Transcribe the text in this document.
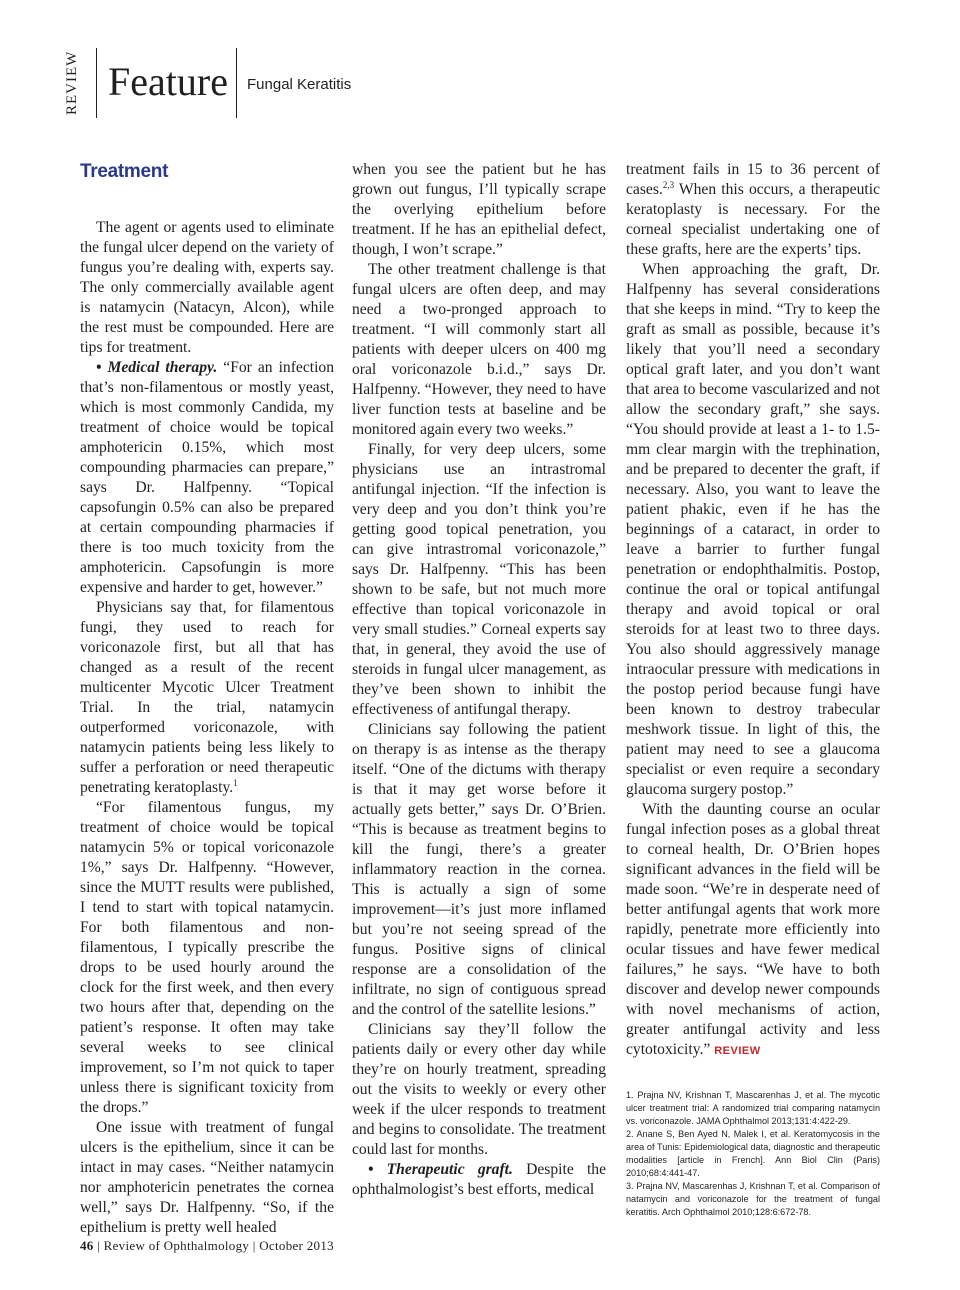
REVIEW Feature Fungal Keratitis
Treatment

The agent or agents used to eliminate the fungal ulcer depend on the variety of fungus you’re dealing with, experts say. The only commercially available agent is natamycin (Natacyn, Alcon), while the rest must be compounded. Here are tips for treatment.

• Medical therapy. “For an infection that’s non-filamentous or mostly yeast, which is most commonly Candida, my treatment of choice would be topical amphotericin 0.15%, which most compounding pharmacies can prepare,” says Dr. Halfpenny. “Topical capsofungin 0.5% can also be prepared at certain compounding pharmacies if there is too much toxicity from the amphotericin. Capsofungin is more expensive and harder to get, however.”

Physicians say that, for filamentous fungi, they used to reach for voriconazole first, but all that has changed as a result of the recent multicenter Mycotic Ulcer Treatment Trial. In the trial, natamycin outperformed voriconazole, with natamycin patients being less likely to suffer a perforation or need therapeutic penetrating keratoplasty.$^1$

“For filamentous fungus, my treatment of choice would be topical natamycin 5% or topical voriconazole 1%,” says Dr. Halfpenny. “However, since the MUTT results were published, I tend to start with topical natamycin. For both filamentous and non-filamentous, I typically prescribe the drops to be used hourly around the clock for the first week, and then every two hours after that, depending on the patient’s response. It often may take several weeks to see clinical improvement, so I’m not quick to taper unless there is significant toxicity from the drops.”

One issue with treatment of fungal ulcers is the epithelium, since it can be intact in may cases. “Neither natamycin nor amphotericin penetrates the cornea well,” says Dr. Halfpenny. “So, if the epithelium is pretty well healed

when you see the patient but he has grown out fungus, I’ll typically scrape the overlying epithelium before treatment. If he has an epithelial defect, though, I won’t scrape.”

The other treatment challenge is that fungal ulcers are often deep, and may need a two-pronged approach to treatment. “I will commonly start all patients with deeper ulcers on 400 mg oral voriconazole b.i.d.,” says Dr. Halfpenny. “However, they need to have liver function tests at baseline and be monitored again every two weeks.”

Finally, for very deep ulcers, some physicians use an intrastromal antifungal injection. “If the infection is very deep and you don’t think you’re getting good topical penetration, you can give intrastromal voriconazole,” says Dr. Halfpenny. “This has been shown to be safe, but not much more effective than topical voriconazole in very small studies.” Corneal experts say that, in general, they avoid the use of steroids in fungal ulcer management, as they’ve been shown to inhibit the effectiveness of antifungal therapy.

Clinicians say following the patient on therapy is as intense as the therapy itself. “One of the dictums with therapy is that it may get worse before it actually gets better,” says Dr. O’Brien. “This is because as treatment begins to kill the fungi, there’s a greater inflammatory reaction in the cornea. This is actually a sign of some improvement—it’s just more inflamed but you’re not seeing spread of the fungus. Positive signs of clinical response are a consolidation of the infiltrate, no sign of contiguous spread and the control of the satellite lesions.”

Clinicians say they’ll follow the patients daily or every other day while they’re on hourly treatment, spreading out the visits to weekly or every other week if the ulcer responds to treatment and begins to consolidate. The treatment could last for months.

• Therapeutic graft. Despite the ophthalmologist’s best efforts, medical

treatment fails in 15 to 36 percent of cases.$^{2,3}$ When this occurs, a therapeutic keratoplasty is necessary. For the corneal specialist undertaking one of these grafts, here are the experts’ tips.

When approaching the graft, Dr. Halfpenny has several considerations that she keeps in mind. “Try to keep the graft as small as possible, because it’s likely that you’ll need a secondary optical graft later, and you don’t want that area to become vascularized and not allow the secondary graft,” she says. “You should provide at least a 1- to 1.5-mm clear margin with the trephination, and be prepared to decenter the graft, if necessary. Also, you want to leave the patient phakic, even if he has the beginnings of a cataract, in order to leave a barrier to further fungal penetration or endophthalmitis. Postop, continue the oral or topical antifungal therapy and avoid topical or oral steroids for at least two to three days. You also should aggressively manage intraocular pressure with medications in the postop period because fungi have been known to destroy trabecular meshwork tissue. In light of this, the patient may need to see a glaucoma specialist or even require a secondary glaucoma surgery postop.”

With the daunting course an ocular fungal infection poses as a global threat to corneal health, Dr. O’Brien hopes significant advances in the field will be made soon. “We’re in desperate need of better antifungal agents that work more rapidly, penetrate more efficiently into ocular tissues and have fewer medical failures,” he says. “We have to both discover and develop newer compounds with novel mechanisms of action, greater antifungal activity and less cytotoxicity.” REVIEW

1. Prajna NV, Krishnan T, Mascarenhas J, et al. The mycotic ulcer treatment trial: A randomized trial comparing natamycin vs. voriconazole. JAMA Ophthalmol 2013;131:4:422-29.

2. Anane S, Ben Ayed N, Malek I, et al. Keratomycosis in the area of Tunis: Epidemiological data, diagnostic and therapeutic modalities [article in French]. Ann Biol Clin (Paris) 2010;68:4:441-47.

3. Prajna NV, Mascarenhas J, Krishnan T, et al. Comparison of natamycin and voriconazole for the treatment of fungal keratitis. Arch Ophthalmol 2010;128:6:672-78.

46 | Review of Ophthalmology | October 2013
